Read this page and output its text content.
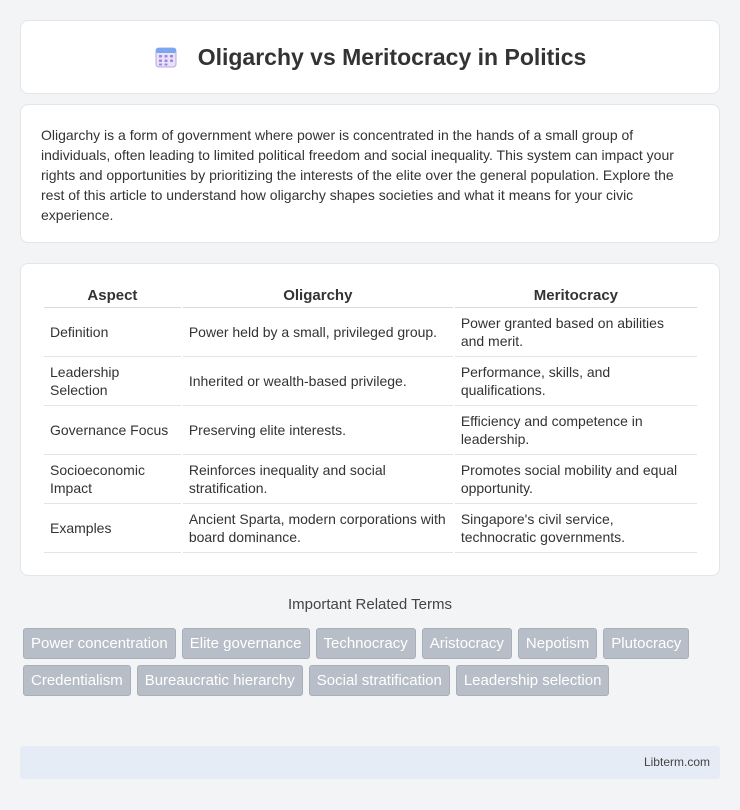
Oligarchy vs Meritocracy in Politics

Oligarchy is a form of government where power is concentrated in the hands of a small group of individuals, often leading to limited political freedom and social inequality. This system can impact your rights and opportunities by prioritizing the interests of the elite over the general population. Explore the rest of this article to understand how oligarchy shapes societies and what it means for your civic experience.

Aspect	Oligarchy	Meritocracy
Definition	Power held by a small, privileged group.	Power granted based on abilities and merit.
Leadership Selection	Inherited or wealth-based privilege.	Performance, skills, and qualifications.
Governance Focus	Preserving elite interests.	Efficiency and competence in leadership.
Socioeconomic Impact	Reinforces inequality and social stratification.	Promotes social mobility and equal opportunity.
Examples	Ancient Sparta, modern corporations with board dominance.	Singapore's civil service, technocratic governments.
Important Related Terms
Power concentration	Elite governance	Technocracy	Aristocracy	Nepotism	Plutocracy
Credentialism	Bureaucratic hierarchy	Social stratification	Leadership selection
Libterm.com
